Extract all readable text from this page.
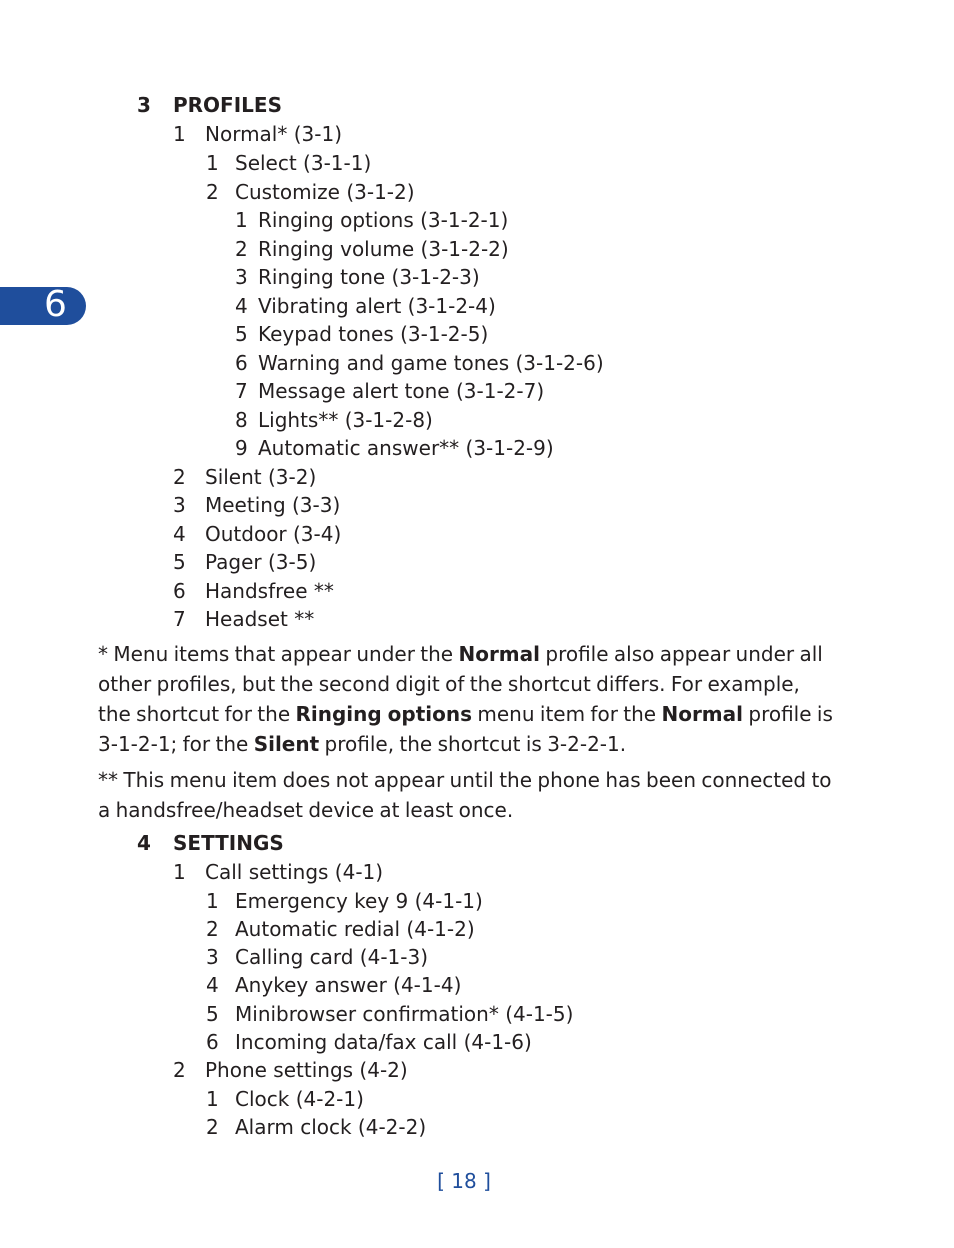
6
3 PROFILES
1 Normal* (3-1)
1 Select (3-1-1)
2 Customize (3-1-2)
1 Ringing options (3-1-2-1)
2 Ringing volume (3-1-2-2)
3 Ringing tone (3-1-2-3)
4 Vibrating alert (3-1-2-4)
5 Keypad tones (3-1-2-5)
6 Warning and game tones (3-1-2-6)
7 Message alert tone (3-1-2-7)
8 Lights** (3-1-2-8)
9 Automatic answer** (3-1-2-9)
2 Silent (3-2)
3 Meeting (3-3)
4 Outdoor (3-4)
5 Pager (3-5)
6 Handsfree **
7 Headset **
* Menu items that appear under the Normal profile also appear under all other profiles, but the second digit of the shortcut differs. For example, the shortcut for the Ringing options menu item for the Normal profile is 3-1-2-1; for the Silent profile, the shortcut is 3-2-2-1.
** This menu item does not appear until the phone has been connected to a handsfree/headset device at least once.
4 SETTINGS
1 Call settings (4-1)
1 Emergency key 9 (4-1-1)
2 Automatic redial (4-1-2)
3 Calling card (4-1-3)
4 Anykey answer (4-1-4)
5 Minibrowser confirmation* (4-1-5)
6 Incoming data/fax call (4-1-6)
2 Phone settings (4-2)
1 Clock (4-2-1)
2 Alarm clock (4-2-2)
[ 18 ]
